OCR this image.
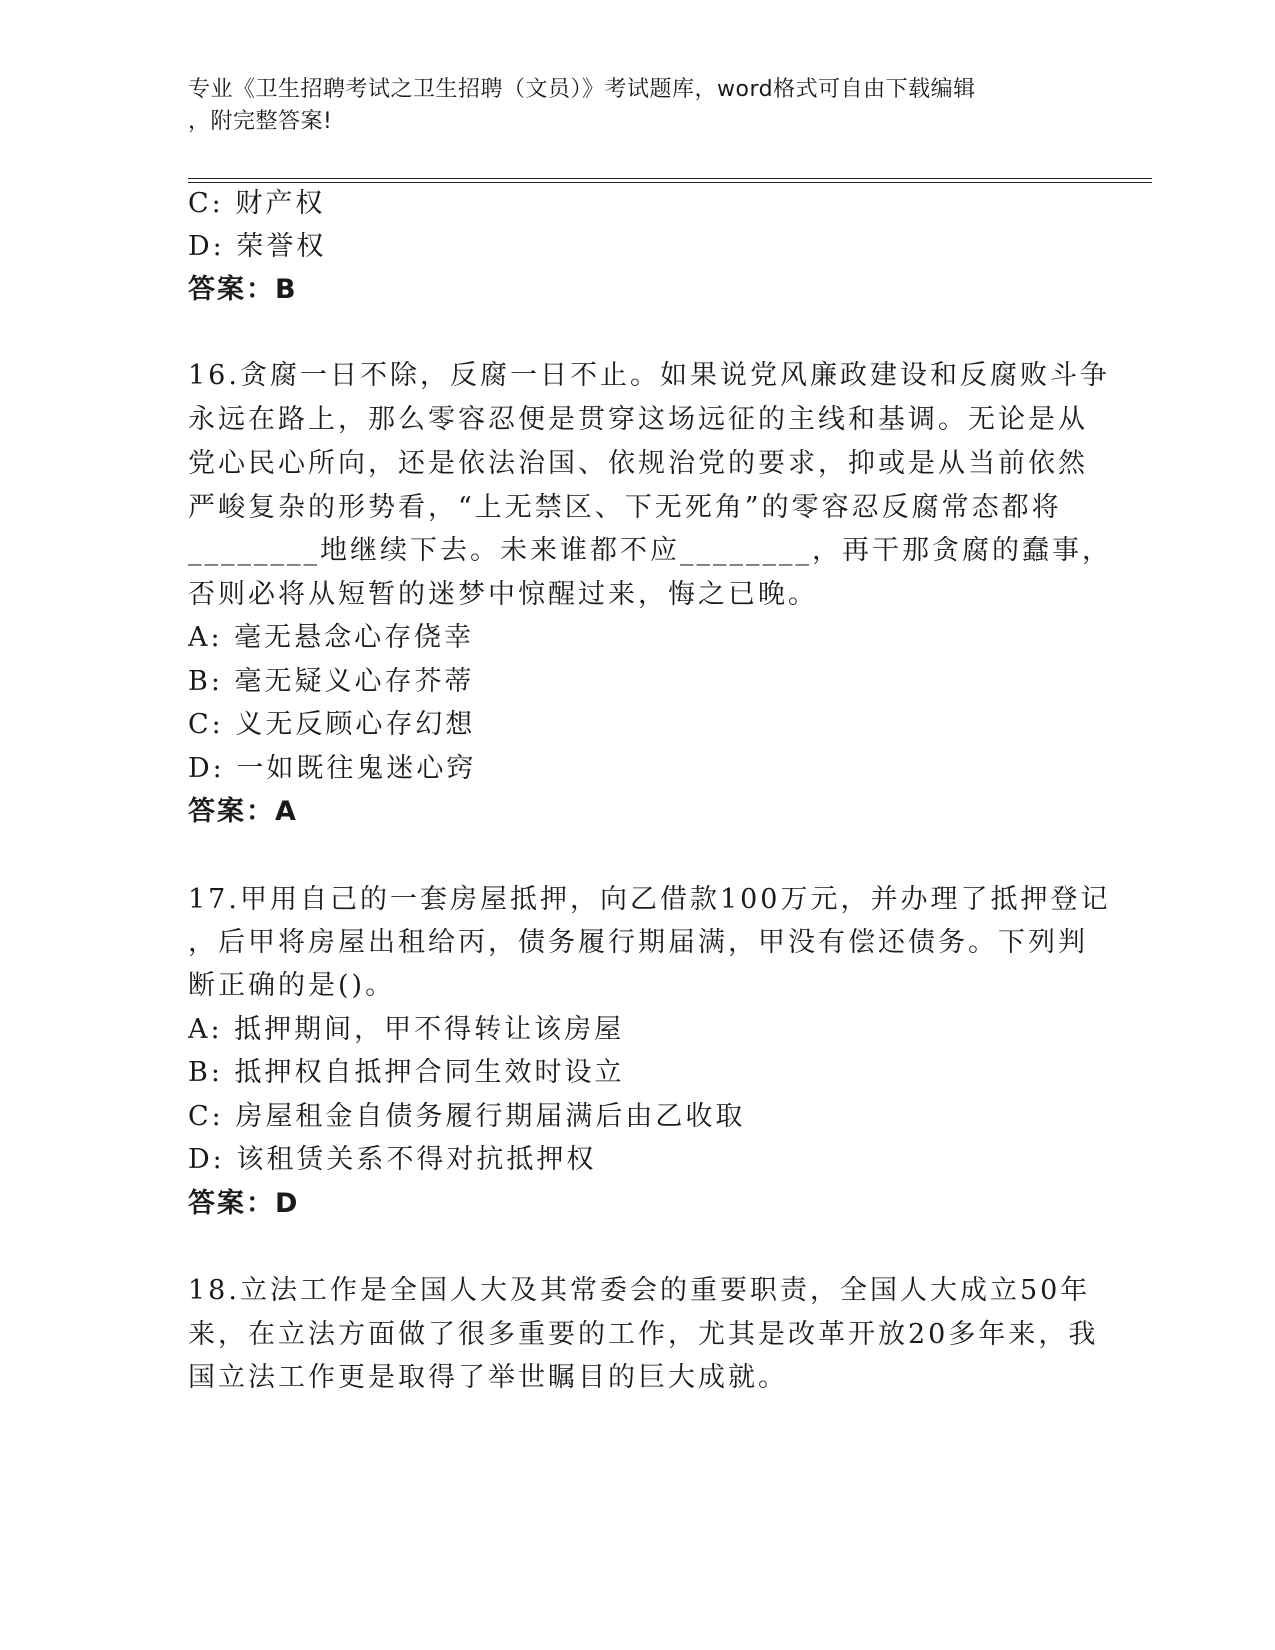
专业《卫生招聘考试之卫生招聘（文员）》考试题库，word格式可自由下载编辑
，附完整答案!
C: 财产权
D: 荣誉权
答案：B
16.贪腐一日不除，反腐一日不止。如果说党风廉政建设和反腐败斗争
永远在路上，那么零容忍便是贯穿这场远征的主线和基调。无论是从
党心民心所向，还是依法治国、依规治党的要求，抑或是从当前依然
严峻复杂的形势看，“上无禁区、下无死角”的零容忍反腐常态都将
________地继续下去。未来谁都不应________，再干那贪腐的蠢事，
否则必将从短暂的迷梦中惊醒过来，悔之已晚。
A: 毫无悬念心存侥幸
B: 毫无疑义心存芥蒂
C: 义无反顾心存幻想
D: 一如既往鬼迷心窍
答案：A
17.甲用自己的一套房屋抵押，向乙借款100万元，并办理了抵押登记
，后甲将房屋出租给丙，债务履行期届满，甲没有偿还债务。下列判
断正确的是()。
A: 抵押期间，甲不得转让该房屋
B: 抵押权自抵押合同生效时设立
C: 房屋租金自债务履行期届满后由乙收取
D: 该租赁关系不得对抗抵押权
答案：D
18.立法工作是全国人大及其常委会的重要职责，全国人大成立50年
来，在立法方面做了很多重要的工作，尤其是改革开放20多年来，我
国立法工作更是取得了举世瞩目的巨大成就。
